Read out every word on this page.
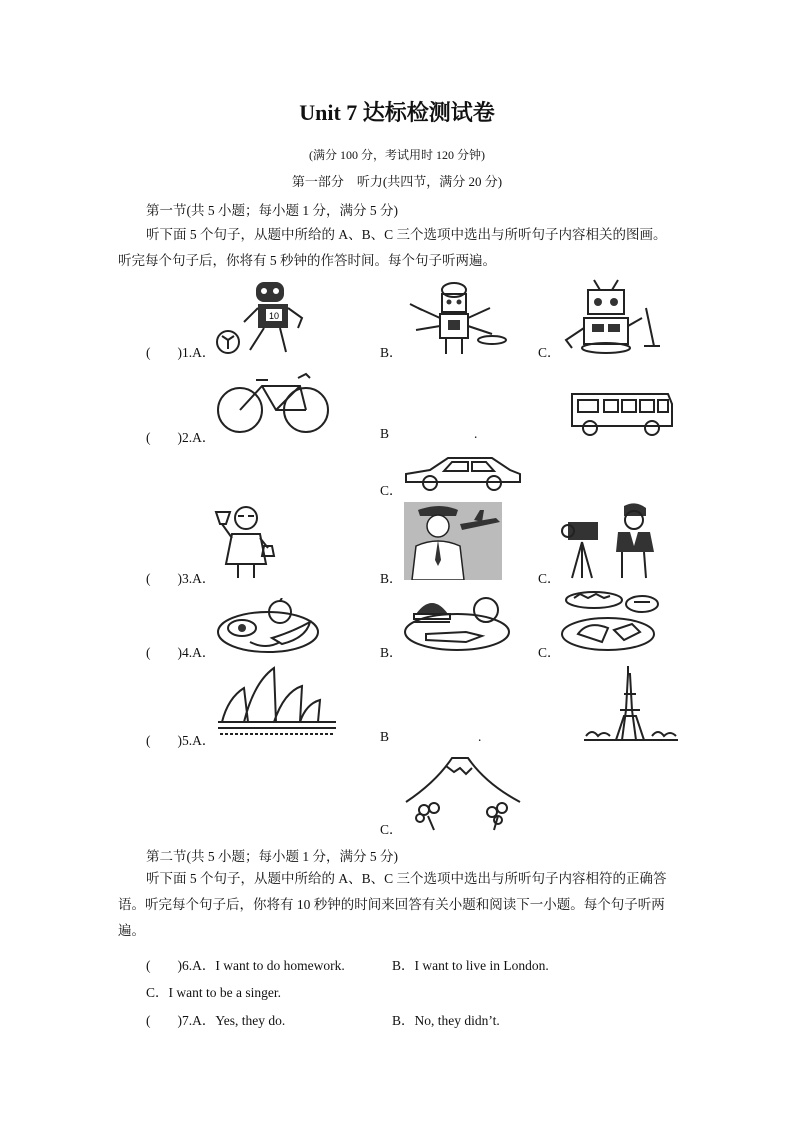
Unit 7 达标检测试卷
(满分 100 分，考试用时 120 分钟)
第一部分　听力(共四节，满分 20 分)
第一节(共 5 小题；每小题 1 分，满分 5 分)
听下面 5 个句子，从题中所给的 A、B、C 三个选项中选出与所听句子内容相关的图画。听完每个句子后，你将有 5 秒钟的作答时间。每个句子听两遍。
(　　)1.A．	B．	C．
10
(　　)2.A．	B	.
C．
(　　)3.A．	B．	C．
(　　)4.A．	B．	C．
(　　)5.A．	B	.
C．
第二节(共 5 小题；每小题 1 分，满分 5 分)
听下面 5 个句子，从题中所给的 A、B、C 三个选项中选出与所听句子内容相符的正确答语。听完每个句子后，你将有 10 秒钟的时间来回答有关小题和阅读下一小题。每个句子听两遍。
(　　)6.A．I want to do homework.	B．I want to live in London.
C．I want to be a singer.
(　　)7.A．Yes, they do.	B．No, they didn’t.
